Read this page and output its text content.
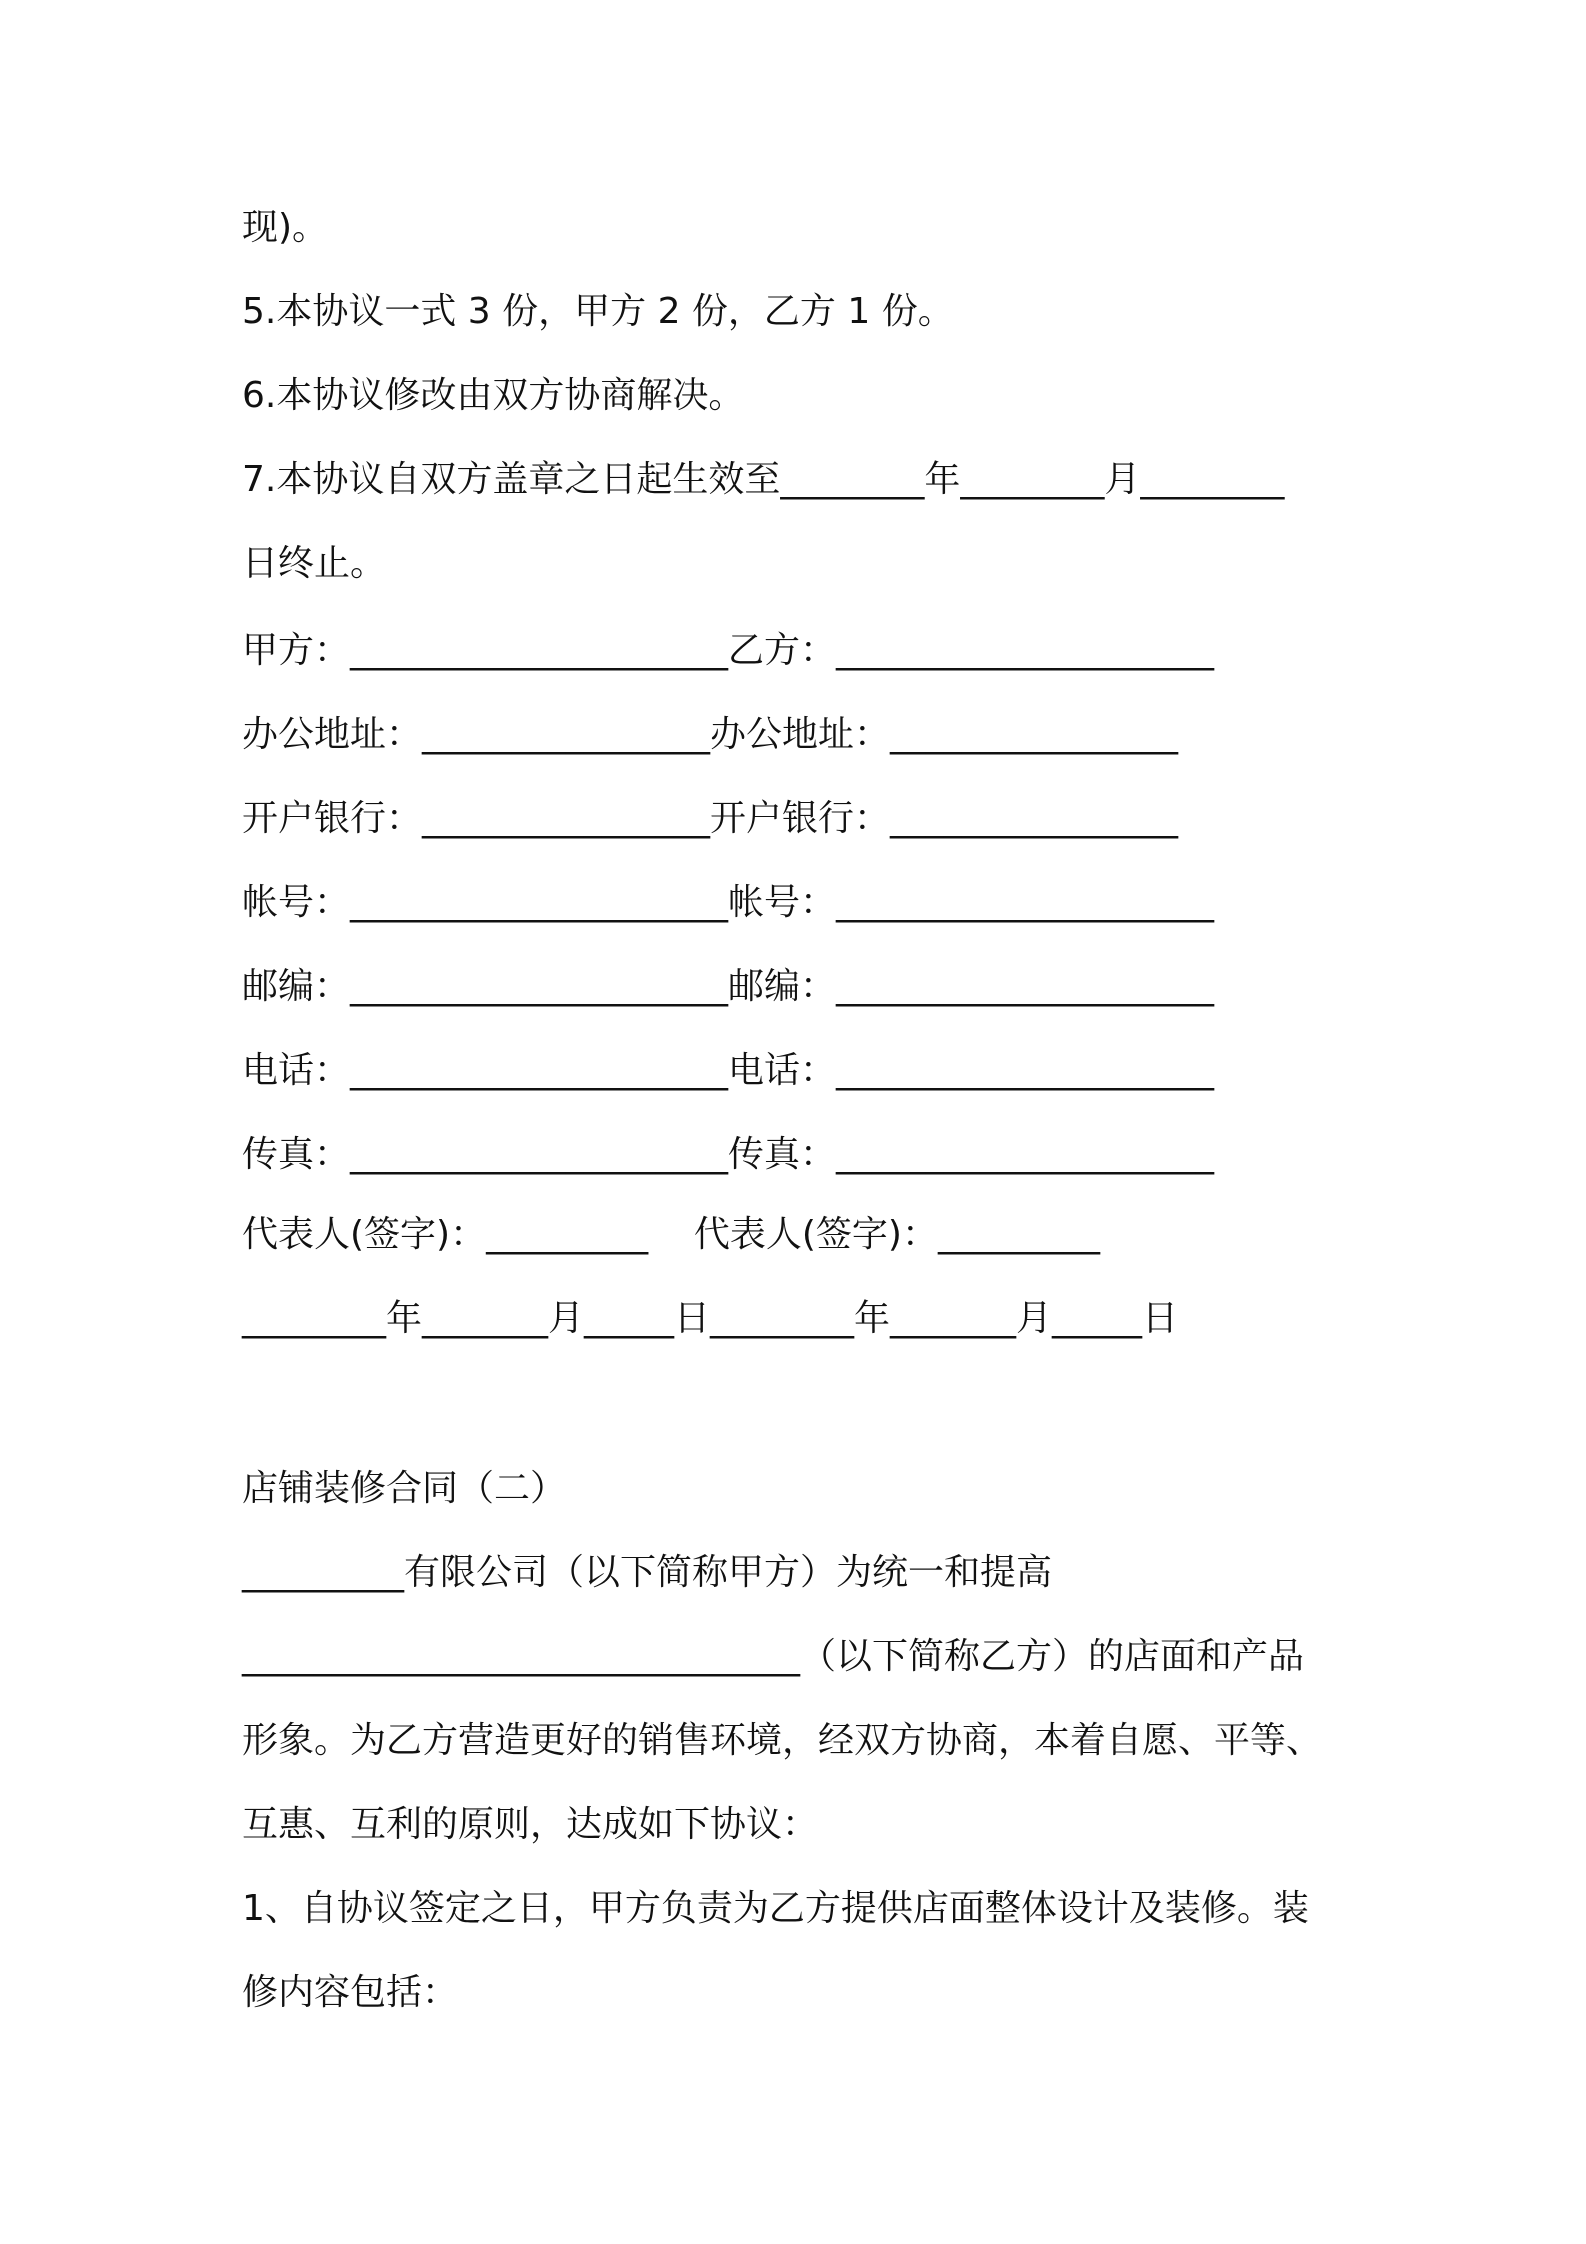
现)。

5.本协议一式 3 份，甲方 2 份，乙方 1 份。

6.本协议修改由双方协商解决。

7.本协议自双方盖章之日起生效至________年________月________

日终止。

甲方：_____________________乙方：_____________________

办公地址：________________办公地址：________________

开户银行：________________开户银行：________________

帐号：_____________________帐号：_____________________

邮编：_____________________邮编：_____________________

电话：_____________________电话：_____________________

传真：_____________________传真：_____________________

代表人(签字)：_________    代表人(签字)：_________

________年_______月_____日________年_______月_____日

店铺装修合同（二）

_________有限公司（以下简称甲方）为统一和提高

_______________________________（以下简称乙方）的店面和产品

形象。为乙方营造更好的销售环境，经双方协商，本着自愿、平等、

互惠、互利的原则，达成如下协议：

1、自协议签定之日，甲方负责为乙方提供店面整体设计及装修。装

修内容包括：
